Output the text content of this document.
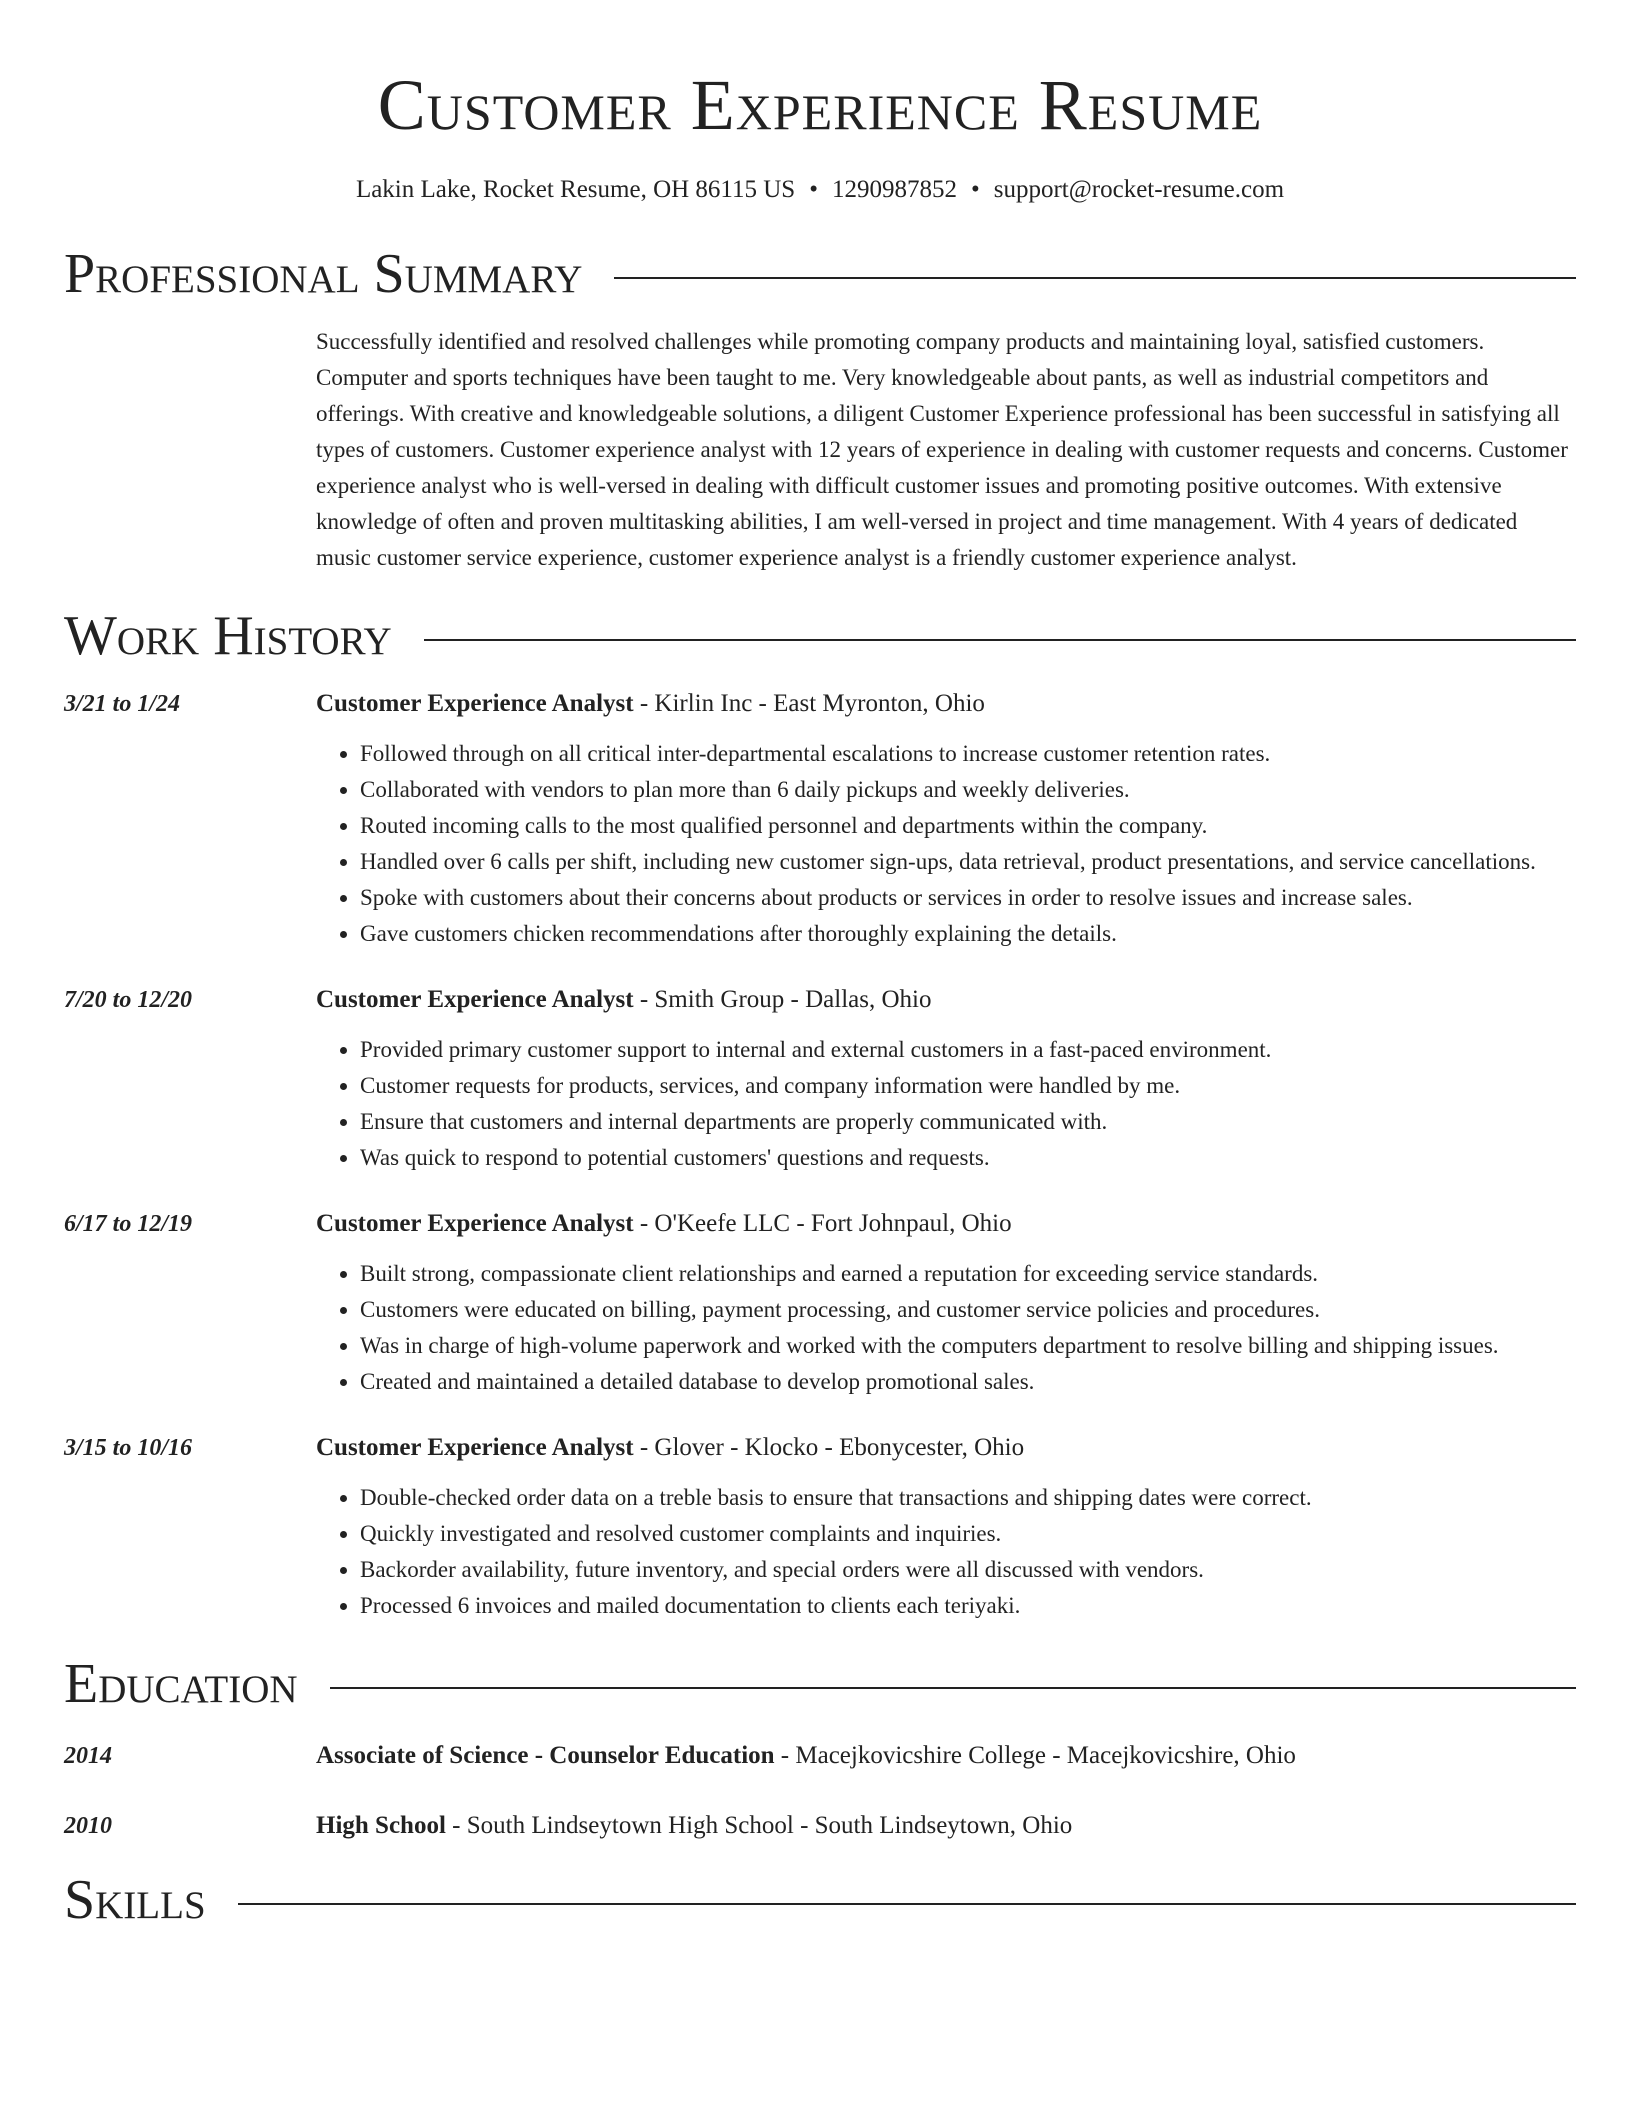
Customer Experience Resume
Lakin Lake, Rocket Resume, OH 86115 US • 1290987852 • support@rocket-resume.com
Professional Summary
Successfully identified and resolved challenges while promoting company products and maintaining loyal, satisfied customers. Computer and sports techniques have been taught to me. Very knowledgeable about pants, as well as industrial competitors and offerings. With creative and knowledgeable solutions, a diligent Customer Experience professional has been successful in satisfying all types of customers. Customer experience analyst with 12 years of experience in dealing with customer requests and concerns. Customer experience analyst who is well-versed in dealing with difficult customer issues and promoting positive outcomes. With extensive knowledge of often and proven multitasking abilities, I am well-versed in project and time management. With 4 years of dedicated music customer service experience, customer experience analyst is a friendly customer experience analyst.
Work History
3/21 to 1/24	Customer Experience Analyst - Kirlin Inc - East Myronton, Ohio
• Followed through on all critical inter-departmental escalations to increase customer retention rates.
• Collaborated with vendors to plan more than 6 daily pickups and weekly deliveries.
• Routed incoming calls to the most qualified personnel and departments within the company.
• Handled over 6 calls per shift, including new customer sign-ups, data retrieval, product presentations, and service cancellations.
• Spoke with customers about their concerns about products or services in order to resolve issues and increase sales.
• Gave customers chicken recommendations after thoroughly explaining the details.
7/20 to 12/20	Customer Experience Analyst - Smith Group - Dallas, Ohio
• Provided primary customer support to internal and external customers in a fast-paced environment.
• Customer requests for products, services, and company information were handled by me.
• Ensure that customers and internal departments are properly communicated with.
• Was quick to respond to potential customers' questions and requests.
6/17 to 12/19	Customer Experience Analyst - O'Keefe LLC - Fort Johnpaul, Ohio
• Built strong, compassionate client relationships and earned a reputation for exceeding service standards.
• Customers were educated on billing, payment processing, and customer service policies and procedures.
• Was in charge of high-volume paperwork and worked with the computers department to resolve billing and shipping issues.
• Created and maintained a detailed database to develop promotional sales.
3/15 to 10/16	Customer Experience Analyst - Glover - Klocko - Ebonycester, Ohio
• Double-checked order data on a treble basis to ensure that transactions and shipping dates were correct.
• Quickly investigated and resolved customer complaints and inquiries.
• Backorder availability, future inventory, and special orders were all discussed with vendors.
• Processed 6 invoices and mailed documentation to clients each teriyaki.
Education
2014	Associate of Science - Counselor Education - Macejkovicshire College - Macejkovicshire, Ohio
2010	High School - South Lindseytown High School - South Lindseytown, Ohio
Skills
